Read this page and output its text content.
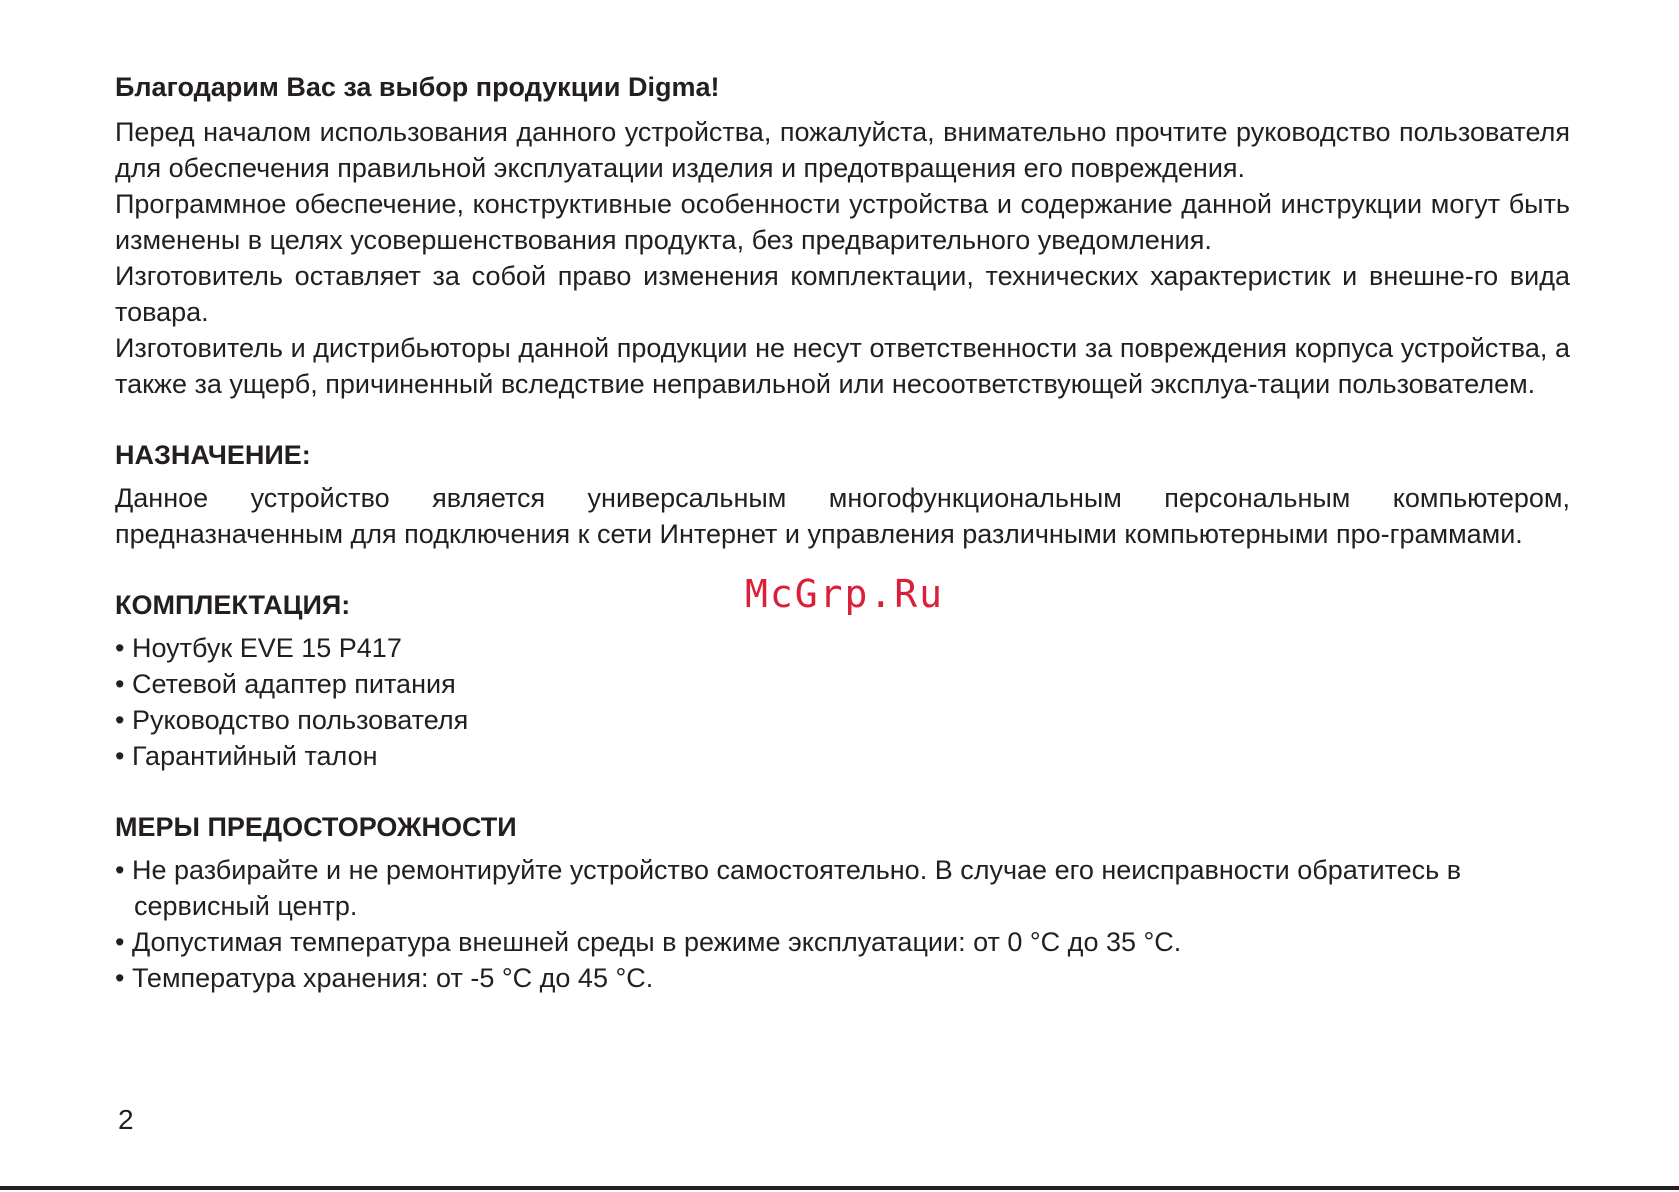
Благодарим Вас за выбор продукции Digma!

Перед началом использования данного устройства, пожалуйста, внимательно прочтите руководство пользователя для обеспечения правильной эксплуатации изделия и предотвращения его повреждения.

Программное обеспечение, конструктивные особенности устройства и содержание данной инструкции могут быть изменены в целях усовершенствования продукта, без предварительного уведомления.

Изготовитель оставляет за собой право изменения комплектации, технических характеристик и внешне-го вида товара.

Изготовитель и дистрибьюторы данной продукции не несут ответственности за повреждения корпуса устройства, а также за ущерб, причиненный вследствие неправильной или несоответствующей эксплуа-тации пользователем.

НАЗНАЧЕНИЕ:

Данное устройство является универсальным многофункциональным персональным компьютером, предназначенным для подключения к сети Интернет и управления различными компьютерными про-граммами.

КОМПЛЕКТАЦИЯ:
• Ноутбук EVE 15 P417
• Сетевой адаптер питания
• Руководство пользователя
• Гарантийный талон
МЕРЫ ПРЕДОСТОРОЖНОСТИ
• Не разбирайте и не ремонтируйте устройство самостоятельно. В случае его неисправности обратитесь в сервисный центр.
• Допустимая температура внешней среды в режиме эксплуатации: от 0 °C до 35 °C.
• Температура хранения: от -5 °C до 45 °C.
McGrp.Ru
2
